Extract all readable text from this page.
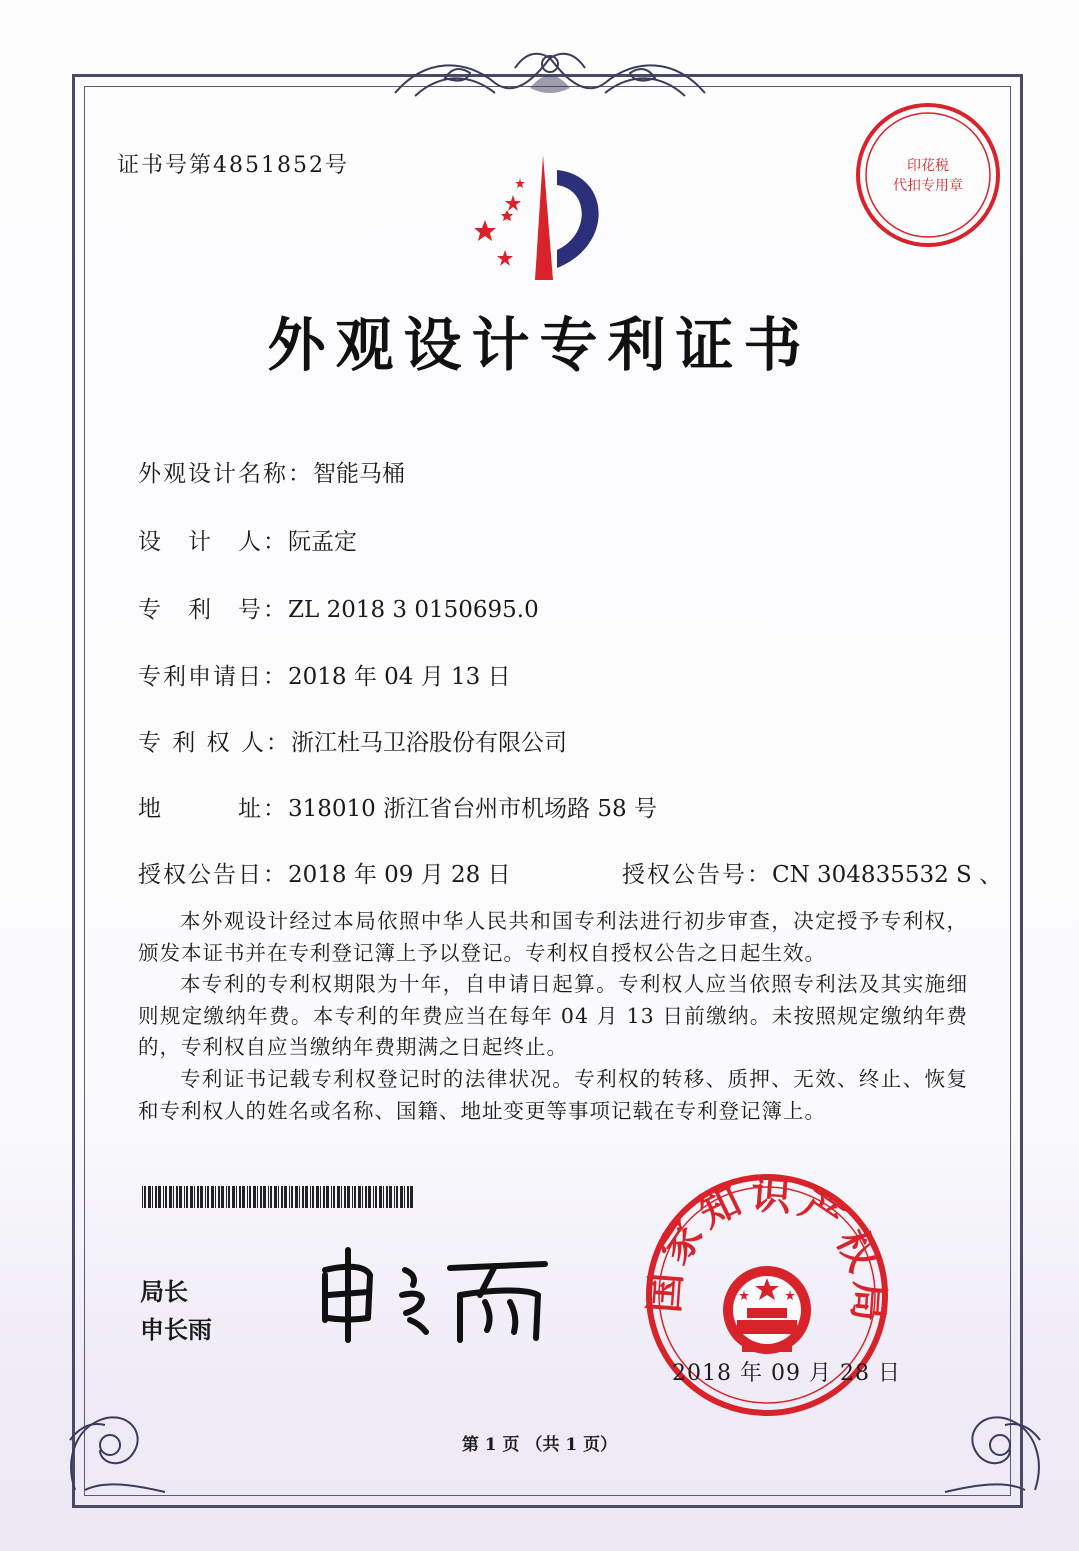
证书号第4851852号	印花税
代扣专用章
外观设计专利证书
外观设计名称：智能马桶
设　计　人：阮孟定
专　利　号：ZL 2018 3 0150695.0
专利申请日：2018 年 04 月 13 日
专 利 权 人：浙江杜马卫浴股份有限公司
地　　　址：318010 浙江省台州市机场路 58 号
授权公告日：2018 年 09 月 28 日	授权公告号：CN 304835532 S 、
本外观设计经过本局依照中华人民共和国专利法进行初步审查，决定授予专利权，颁发本证书并在专利登记簿上予以登记。专利权自授权公告之日起生效。
本专利的专利权期限为十年，自申请日起算。专利权人应当依照专利法及其实施细则规定缴纳年费。本专利的年费应当在每年 04 月 13 日前缴纳。未按照规定缴纳年费的，专利权自应当缴纳年费期满之日起终止。
专利证书记载专利权登记时的法律状况。专利权的转移、质押、无效、终止、恢复和专利权人的姓名或名称、国籍、地址变更等事项记载在专利登记簿上。
局长
申长雨
国家知识产权局
2018 年 09 月 28 日
第 1 页 （共 1 页）
